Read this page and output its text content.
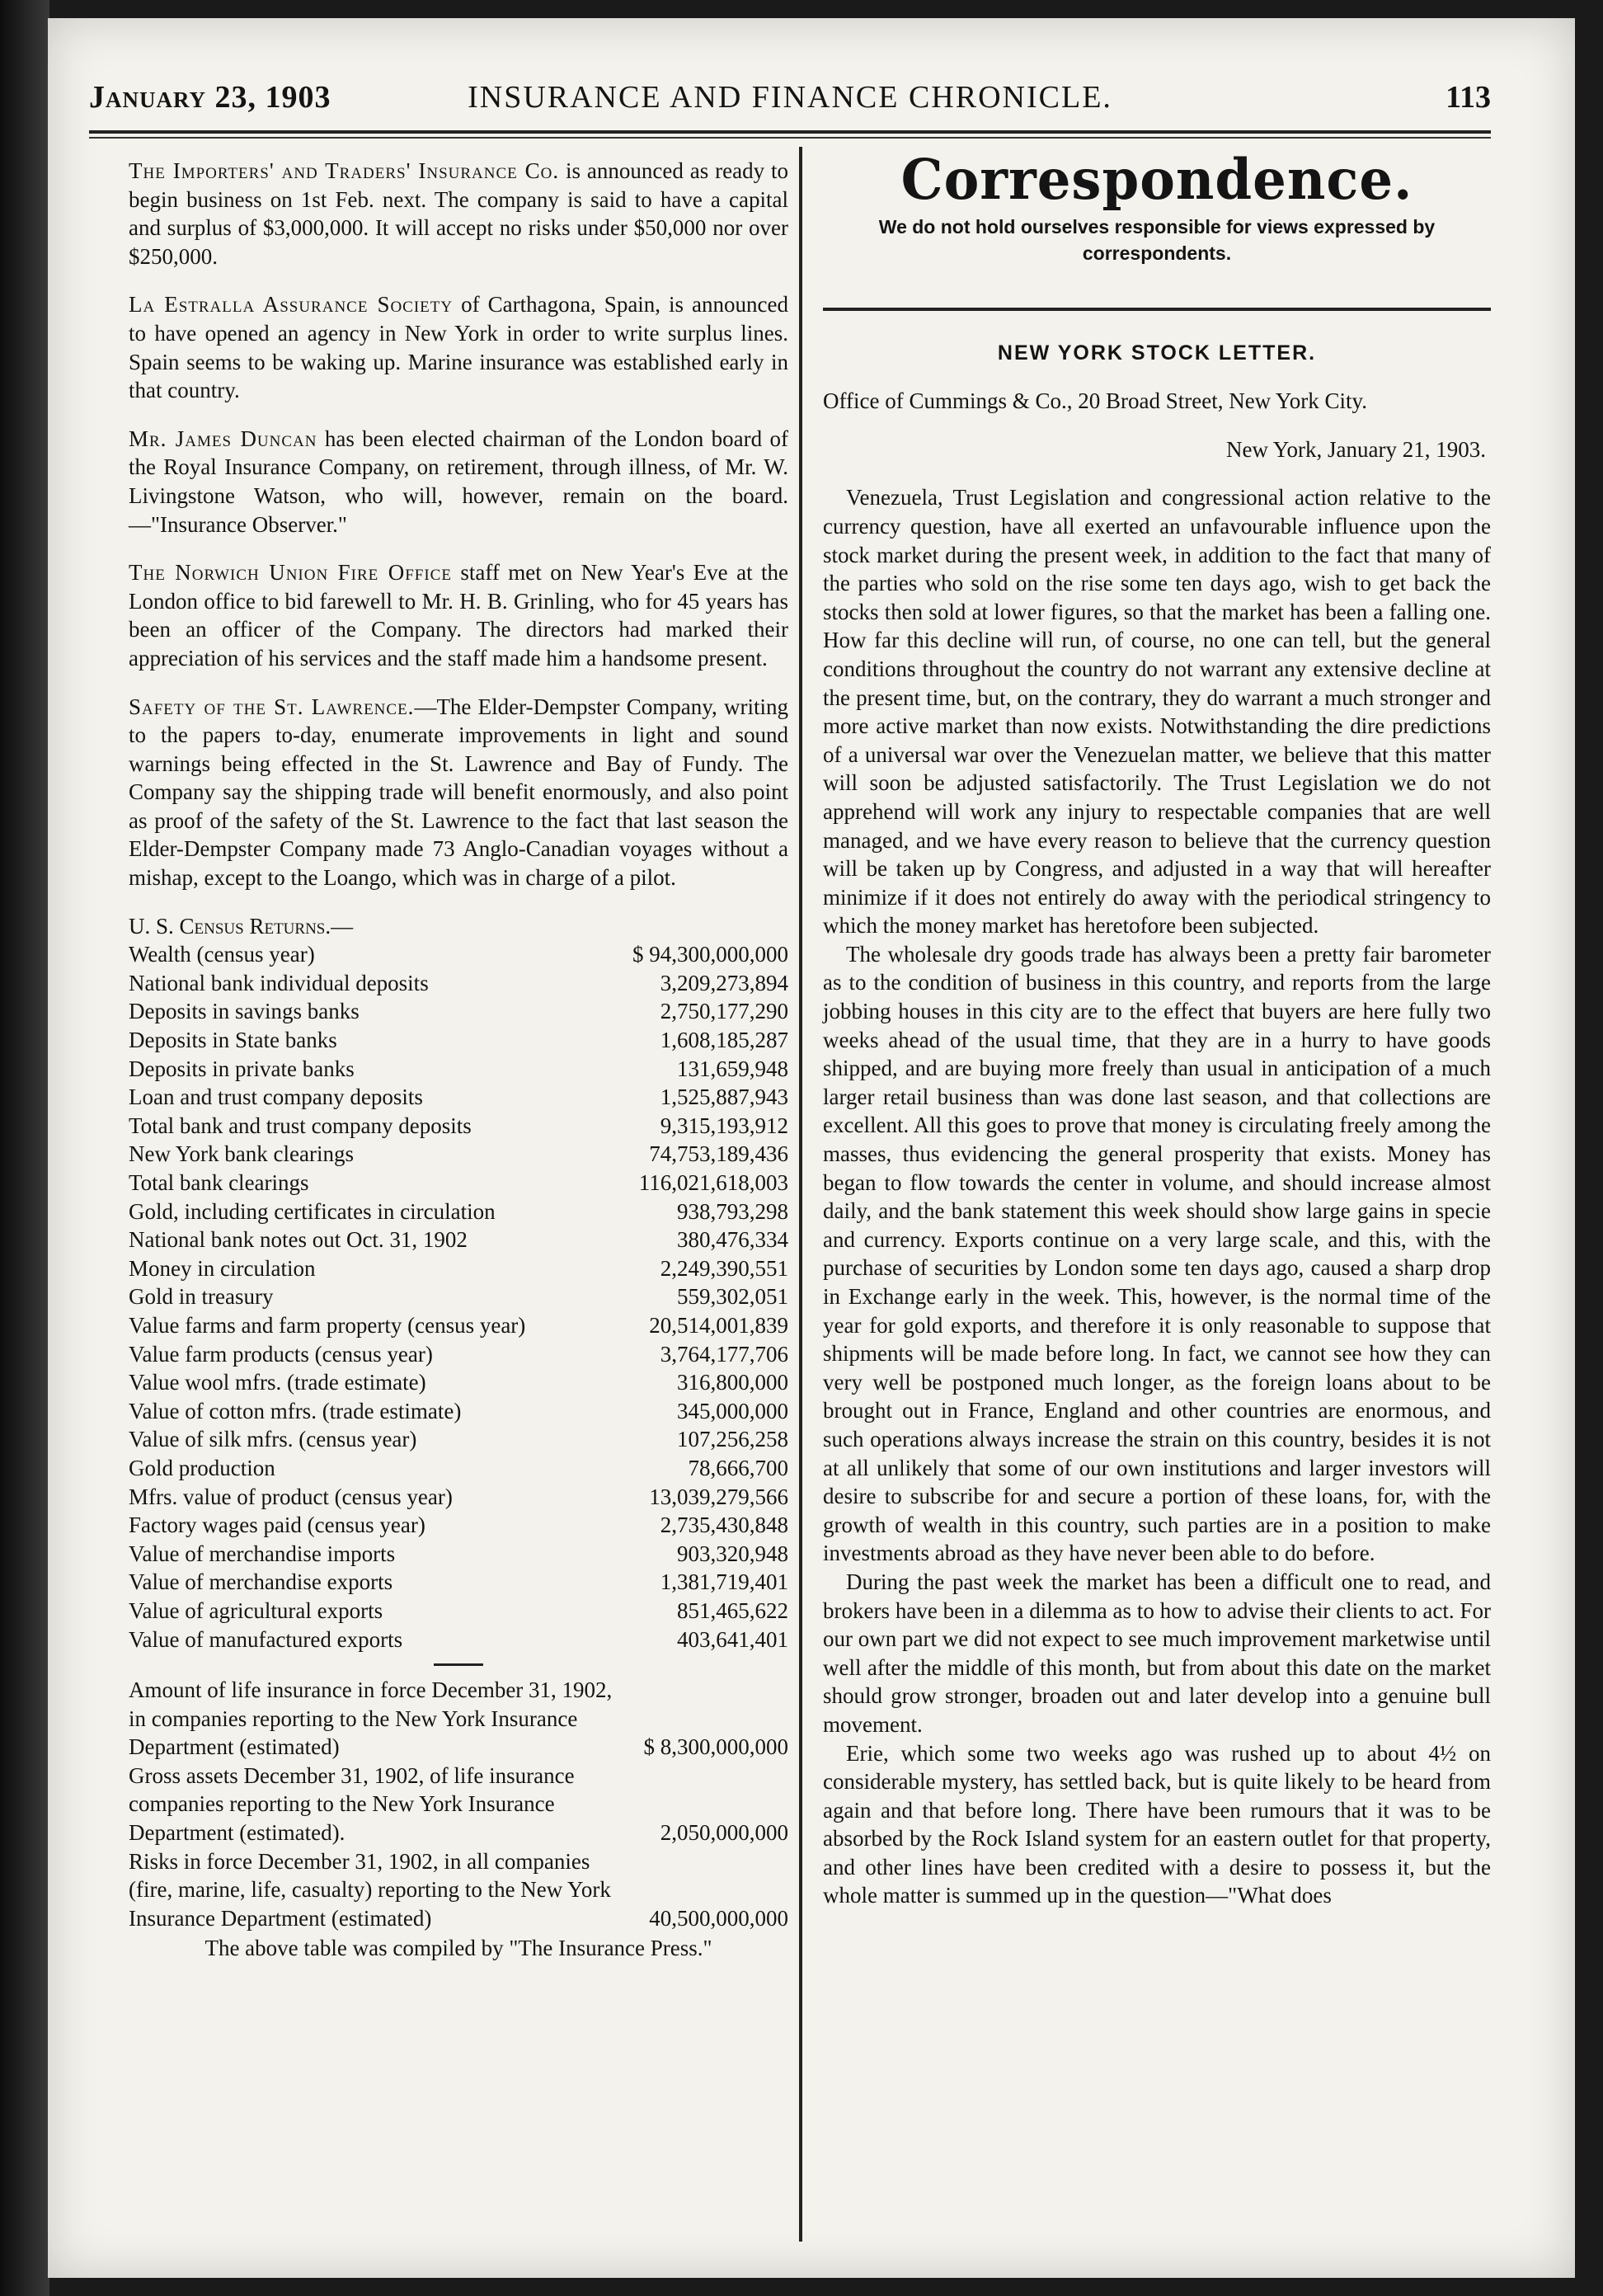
January 23, 1903	INSURANCE AND FINANCE CHRONICLE.	113

The Importers' and Traders' Insurance Co. is announced as ready to begin business on 1st Feb. next. The company is said to have a capital and surplus of $3,000,000. It will accept no risks under $50,000 nor over $250,000.

La Estralla Assurance Society of Carthagona, Spain, is announced to have opened an agency in New York in order to write surplus lines. Spain seems to be waking up. Marine insurance was established early in that country.

Mr. James Duncan has been elected chairman of the London board of the Royal Insurance Company, on retirement, through illness, of Mr. W. Livingstone Watson, who will, however, remain on the board.—"Insurance Observer."

The Norwich Union Fire Office staff met on New Year's Eve at the London office to bid farewell to Mr. H. B. Grinling, who for 45 years has been an officer of the Company. The directors had marked their appreciation of his services and the staff made him a handsome present.

Safety of the St. Lawrence.—The Elder-Dempster Company, writing to the papers to-day, enumerate improvements in light and sound warnings being effected in the St. Lawrence and Bay of Fundy. The Company say the shipping trade will benefit enormously, and also point as proof of the safety of the St. Lawrence to the fact that last season the Elder-Dempster Company made 73 Anglo-Canadian voyages without a mishap, except to the Loango, which was in charge of a pilot.

U. S. Census Returns.—
Wealth (census year)	$ 94,300,000,000
National bank individual deposits	3,209,273,894
Deposits in savings banks	2,750,177,290
Deposits in State banks	1,608,185,287
Deposits in private banks	131,659,948
Loan and trust company deposits	1,525,887,943
Total bank and trust company deposits	9,315,193,912
New York bank clearings	74,753,189,436
Total bank clearings	116,021,618,003
Gold, including certificates in circulation	938,793,298
National bank notes out Oct. 31, 1902	380,476,334
Money in circulation	2,249,390,551
Gold in treasury	559,302,051
Value farms and farm property (census year)	20,514,001,839
Value farm products (census year)	3,764,177,706
Value wool mfrs. (trade estimate)	316,800,000
Value of cotton mfrs. (trade estimate)	345,000,000
Value of silk mfrs. (census year)	107,256,258
Gold production	78,666,700
Mfrs. value of product (census year)	13,039,279,566
Factory wages paid (census year)	2,735,430,848
Value of merchandise imports	903,320,948
Value of merchandise exports	1,381,719,401
Value of agricultural exports	851,465,622
Value of manufactured exports	403,641,401
Amount of life insurance in force December 31, 1902, in companies reporting to the New York Insurance Department (estimated)	$ 8,300,000,000
Gross assets December 31, 1902, of life insurance companies reporting to the New York Insurance Department (estimated).	2,050,000,000
Risks in force December 31, 1902, in all companies (fire, marine, life, casualty) reporting to the New York Insurance Department (estimated)	40,500,000,000
The above table was compiled by "The Insurance Press."
Correspondence.
We do not hold ourselves responsible for views expressed by correspondents.
NEW YORK STOCK LETTER.

Office of Cummings & Co., 20 Broad Street, New York City.

New York, January 21, 1903.

Venezuela, Trust Legislation and congressional action relative to the currency question, have all exerted an unfavourable influence upon the stock market during the present week, in addition to the fact that many of the parties who sold on the rise some ten days ago, wish to get back the stocks then sold at lower figures, so that the market has been a falling one. How far this decline will run, of course, no one can tell, but the general conditions throughout the country do not warrant any extensive decline at the present time, but, on the contrary, they do warrant a much stronger and more active market than now exists. Notwithstanding the dire predictions of a universal war over the Venezuelan matter, we believe that this matter will soon be adjusted satisfactorily. The Trust Legislation we do not apprehend will work any injury to respectable companies that are well managed, and we have every reason to believe that the currency question will be taken up by Congress, and adjusted in a way that will hereafter minimize if it does not entirely do away with the periodical stringency to which the money market has heretofore been subjected.

The wholesale dry goods trade has always been a pretty fair barometer as to the condition of business in this country, and reports from the large jobbing houses in this city are to the effect that buyers are here fully two weeks ahead of the usual time, that they are in a hurry to have goods shipped, and are buying more freely than usual in anticipation of a much larger retail business than was done last season, and that collections are excellent. All this goes to prove that money is circulating freely among the masses, thus evidencing the general prosperity that exists. Money has began to flow towards the center in volume, and should increase almost daily, and the bank statement this week should show large gains in specie and currency. Exports continue on a very large scale, and this, with the purchase of securities by London some ten days ago, caused a sharp drop in Exchange early in the week. This, however, is the normal time of the year for gold exports, and therefore it is only reasonable to suppose that shipments will be made before long. In fact, we cannot see how they can very well be postponed much longer, as the foreign loans about to be brought out in France, England and other countries are enormous, and such operations always increase the strain on this country, besides it is not at all unlikely that some of our own institutions and larger investors will desire to subscribe for and secure a portion of these loans, for, with the growth of wealth in this country, such parties are in a position to make investments abroad as they have never been able to do before.

During the past week the market has been a difficult one to read, and brokers have been in a dilemma as to how to advise their clients to act. For our own part we did not expect to see much improvement marketwise until well after the middle of this month, but from about this date on the market should grow stronger, broaden out and later develop into a genuine bull movement.

Erie, which some two weeks ago was rushed up to about 4½ on considerable mystery, has settled back, but is quite likely to be heard from again and that before long. There have been rumours that it was to be absorbed by the Rock Island system for an eastern outlet for that property, and other lines have been credited with a desire to possess it, but the whole matter is summed up in the question—"What does
